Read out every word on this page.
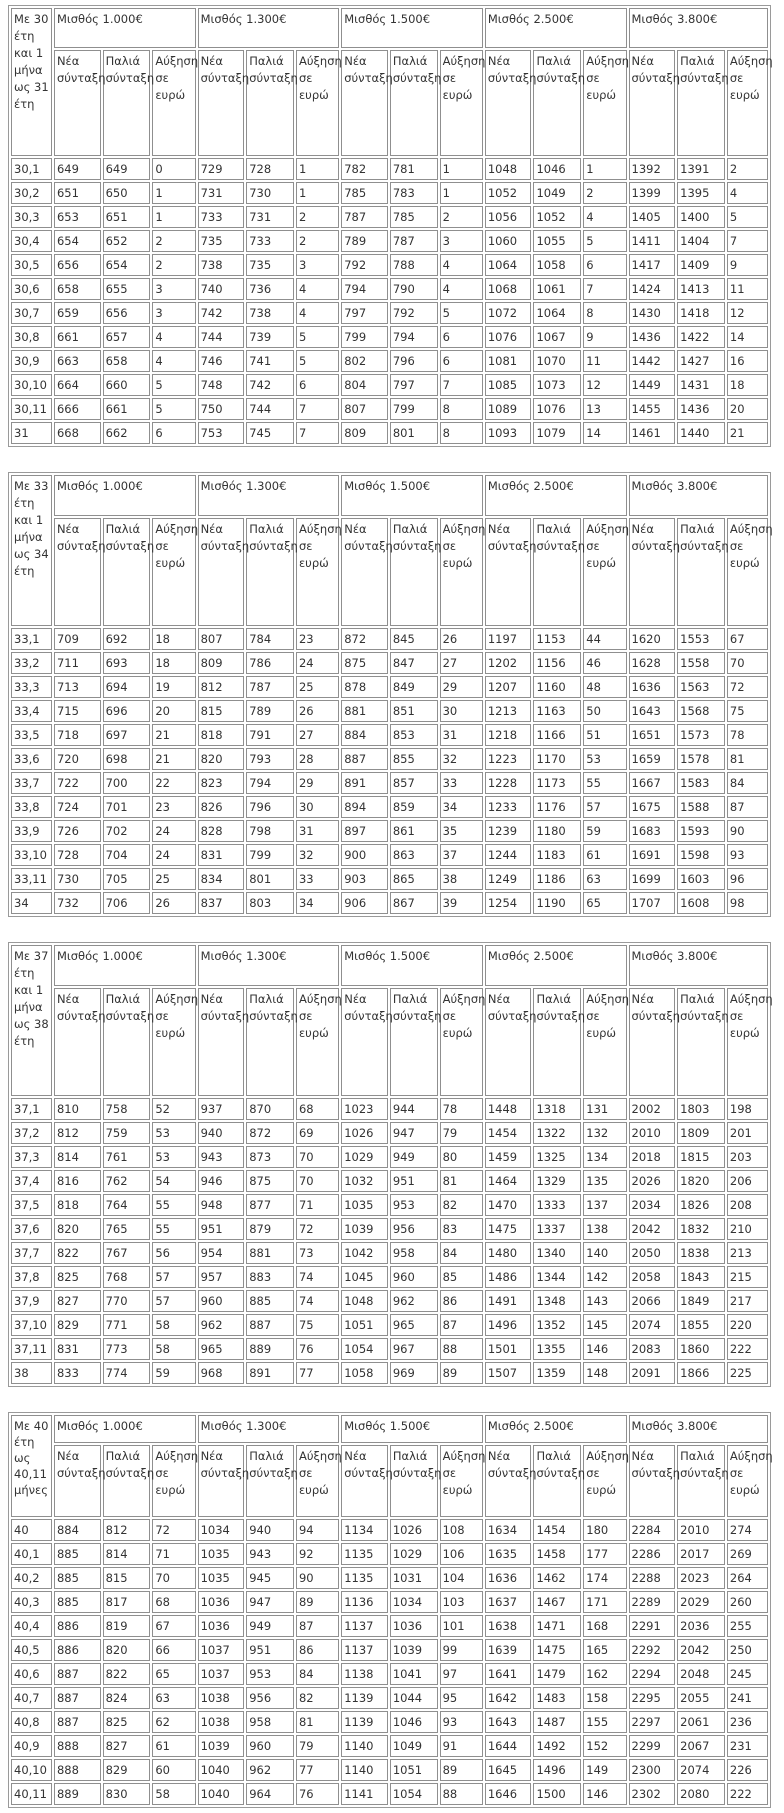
Με 30 έτη και 1 μήνα ως 31 έτη	Μισθός 1.000€			Μισθός 1.300€			Μισθός 1.500€			Μισθός 2.500€			Μισθός 3.800€		
	Νέα σύνταξη	Παλιά σύνταξη	Αύξηση σε ευρώ	Νέα σύνταξη	Παλιά σύνταξη	Αύξηση σε ευρώ	Νέα σύνταξη	Παλιά σύνταξη	Αύξηση σε ευρώ	Νέα σύνταξη	Παλιά σύνταξη	Αύξηση σε ευρώ	Νέα σύνταξη	Παλιά σύνταξη	Αύξηση σε ευρώ
30,1	649	649	0	729	728	1	782	781	1	1048	1046	1	1392	1391	2
30,2	651	650	1	731	730	1	785	783	1	1052	1049	2	1399	1395	4
30,3	653	651	1	733	731	2	787	785	2	1056	1052	4	1405	1400	5
30,4	654	652	2	735	733	2	789	787	3	1060	1055	5	1411	1404	7
30,5	656	654	2	738	735	3	792	788	4	1064	1058	6	1417	1409	9
30,6	658	655	3	740	736	4	794	790	4	1068	1061	7	1424	1413	11
30,7	659	656	3	742	738	4	797	792	5	1072	1064	8	1430	1418	12
30,8	661	657	4	744	739	5	799	794	6	1076	1067	9	1436	1422	14
30,9	663	658	4	746	741	5	802	796	6	1081	1070	11	1442	1427	16
30,10	664	660	5	748	742	6	804	797	7	1085	1073	12	1449	1431	18
30,11	666	661	5	750	744	7	807	799	8	1089	1076	13	1455	1436	20
31	668	662	6	753	745	7	809	801	8	1093	1079	14	1461	1440	21
Με 33 έτη και 1 μήνα ως 34 έτη	Μισθός 1.000€			Μισθός 1.300€			Μισθός 1.500€			Μισθός 2.500€			Μισθός 3.800€		
	Νέα σύνταξη	Παλιά σύνταξη	Αύξηση σε ευρώ	Νέα σύνταξη	Παλιά σύνταξη	Αύξηση σε ευρώ	Νέα σύνταξη	Παλιά σύνταξη	Αύξηση σε ευρώ	Νέα σύνταξη	Παλιά σύνταξη	Αύξηση σε ευρώ	Νέα σύνταξη	Παλιά σύνταξη	Αύξηση σε ευρώ
33,1	709	692	18	807	784	23	872	845	26	1197	1153	44	1620	1553	67
33,2	711	693	18	809	786	24	875	847	27	1202	1156	46	1628	1558	70
33,3	713	694	19	812	787	25	878	849	29	1207	1160	48	1636	1563	72
33,4	715	696	20	815	789	26	881	851	30	1213	1163	50	1643	1568	75
33,5	718	697	21	818	791	27	884	853	31	1218	1166	51	1651	1573	78
33,6	720	698	21	820	793	28	887	855	32	1223	1170	53	1659	1578	81
33,7	722	700	22	823	794	29	891	857	33	1228	1173	55	1667	1583	84
33,8	724	701	23	826	796	30	894	859	34	1233	1176	57	1675	1588	87
33,9	726	702	24	828	798	31	897	861	35	1239	1180	59	1683	1593	90
33,10	728	704	24	831	799	32	900	863	37	1244	1183	61	1691	1598	93
33,11	730	705	25	834	801	33	903	865	38	1249	1186	63	1699	1603	96
34	732	706	26	837	803	34	906	867	39	1254	1190	65	1707	1608	98
Με 37 έτη και 1 μήνα ως 38 έτη	Μισθός 1.000€			Μισθός 1.300€			Μισθός 1.500€			Μισθός 2.500€			Μισθός 3.800€		
	Νέα σύνταξη	Παλιά σύνταξη	Αύξηση σε ευρώ	Νέα σύνταξη	Παλιά σύνταξη	Αύξηση σε ευρώ	Νέα σύνταξη	Παλιά σύνταξη	Αύξηση σε ευρώ	Νέα σύνταξη	Παλιά σύνταξη	Αύξηση σε ευρώ	Νέα σύνταξη	Παλιά σύνταξη	Αύξηση σε ευρώ
37,1	810	758	52	937	870	68	1023	944	78	1448	1318	131	2002	1803	198
37,2	812	759	53	940	872	69	1026	947	79	1454	1322	132	2010	1809	201
37,3	814	761	53	943	873	70	1029	949	80	1459	1325	134	2018	1815	203
37,4	816	762	54	946	875	70	1032	951	81	1464	1329	135	2026	1820	206
37,5	818	764	55	948	877	71	1035	953	82	1470	1333	137	2034	1826	208
37,6	820	765	55	951	879	72	1039	956	83	1475	1337	138	2042	1832	210
37,7	822	767	56	954	881	73	1042	958	84	1480	1340	140	2050	1838	213
37,8	825	768	57	957	883	74	1045	960	85	1486	1344	142	2058	1843	215
37,9	827	770	57	960	885	74	1048	962	86	1491	1348	143	2066	1849	217
37,10	829	771	58	962	887	75	1051	965	87	1496	1352	145	2074	1855	220
37,11	831	773	58	965	889	76	1054	967	88	1501	1355	146	2083	1860	222
38	833	774	59	968	891	77	1058	969	89	1507	1359	148	2091	1866	225
Με 40 έτη ως 40,11 μήνες	Μισθός 1.000€			Μισθός 1.300€			Μισθός 1.500€			Μισθός 2.500€			Μισθός 3.800€		
	Νέα σύνταξη	Παλιά σύνταξη	Αύξηση σε ευρώ	Νέα σύνταξη	Παλιά σύνταξη	Αύξηση σε ευρώ	Νέα σύνταξη	Παλιά σύνταξη	Αύξηση σε ευρώ	Νέα σύνταξη	Παλιά σύνταξη	Αύξηση σε ευρώ	Νέα σύνταξη	Παλιά σύνταξη	Αύξηση σε ευρώ
40	884	812	72	1034	940	94	1134	1026	108	1634	1454	180	2284	2010	274
40,1	885	814	71	1035	943	92	1135	1029	106	1635	1458	177	2286	2017	269
40,2	885	815	70	1035	945	90	1135	1031	104	1636	1462	174	2288	2023	264
40,3	885	817	68	1036	947	89	1136	1034	103	1637	1467	171	2289	2029	260
40,4	886	819	67	1036	949	87	1137	1036	101	1638	1471	168	2291	2036	255
40,5	886	820	66	1037	951	86	1137	1039	99	1639	1475	165	2292	2042	250
40,6	887	822	65	1037	953	84	1138	1041	97	1641	1479	162	2294	2048	245
40,7	887	824	63	1038	956	82	1139	1044	95	1642	1483	158	2295	2055	241
40,8	887	825	62	1038	958	81	1139	1046	93	1643	1487	155	2297	2061	236
40,9	888	827	61	1039	960	79	1140	1049	91	1644	1492	152	2299	2067	231
40,10	888	829	60	1040	962	77	1140	1051	89	1645	1496	149	2300	2074	226
40,11	889	830	58	1040	964	76	1141	1054	88	1646	1500	146	2302	2080	222
